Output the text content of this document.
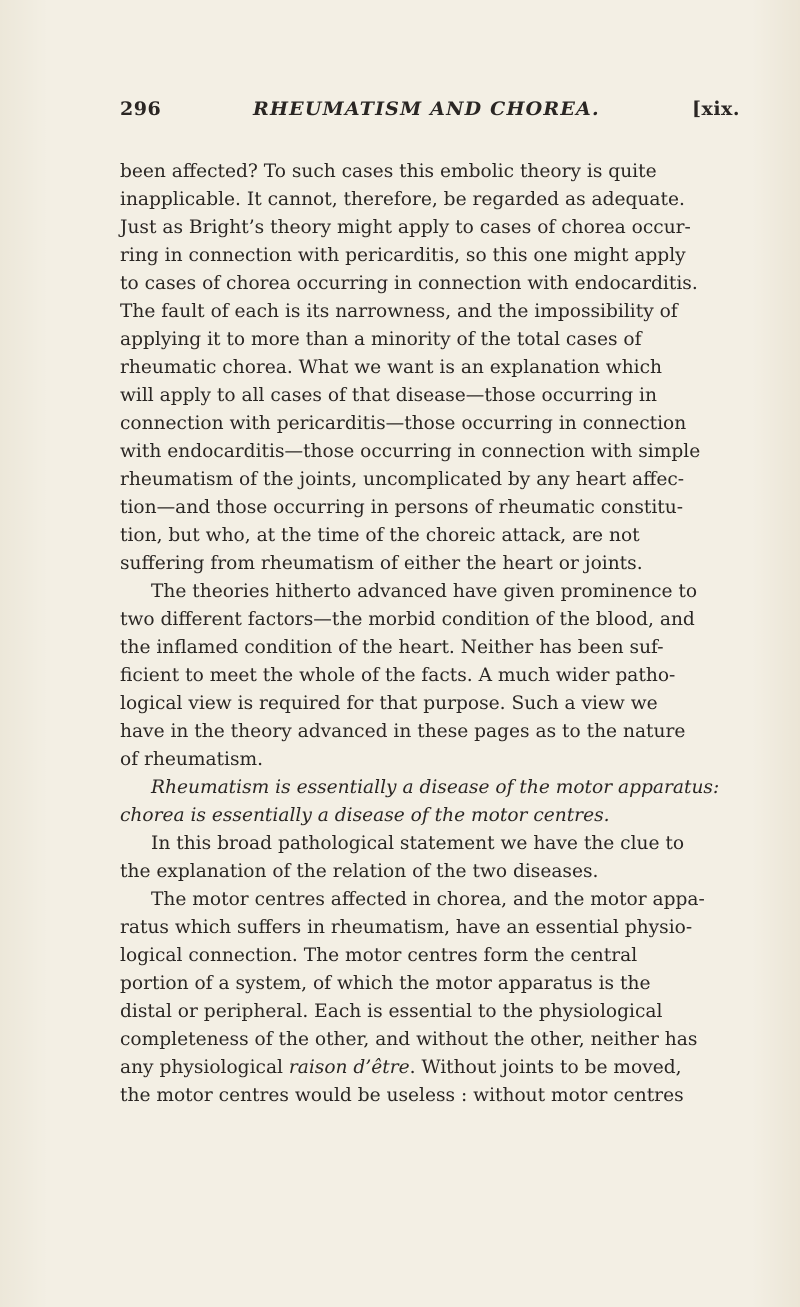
296	RHEUMATISM AND CHOREA.	[xix.
been affected? To such cases this embolic theory is quite
inapplicable. It cannot, therefore, be regarded as adequate.
Just as Bright’s theory might apply to cases of chorea occur-
ring in connection with pericarditis, so this one might apply
to cases of chorea occurring in connection with endocarditis.
The fault of each is its narrowness, and the impossibility of
applying it to more than a minority of the total cases of
rheumatic chorea. What we want is an explanation which
will apply to all cases of that disease—those occurring in
connection with pericarditis—those occurring in connection
with endocarditis—those occurring in connection with simple
rheumatism of the joints, uncomplicated by any heart affec-
tion—and those occurring in persons of rheumatic constitu-
tion, but who, at the time of the choreic attack, are not
suffering from rheumatism of either the heart or joints.
The theories hitherto advanced have given prominence to
two different factors—the morbid condition of the blood, and
the inflamed condition of the heart. Neither has been suf-
ficient to meet the whole of the facts. A much wider patho-
logical view is required for that purpose. Such a view we
have in the theory advanced in these pages as to the nature
of rheumatism.
Rheumatism is essentially a disease of the motor apparatus:
chorea is essentially a disease of the motor centres.
In this broad pathological statement we have the clue to
the explanation of the relation of the two diseases.
The motor centres affected in chorea, and the motor appa-
ratus which suffers in rheumatism, have an essential physio-
logical connection. The motor centres form the central
portion of a system, of which the motor apparatus is the
distal or peripheral. Each is essential to the physiological
completeness of the other, and without the other, neither has
any physiological raison d’être. Without joints to be moved,
the motor centres would be useless : without motor centres
